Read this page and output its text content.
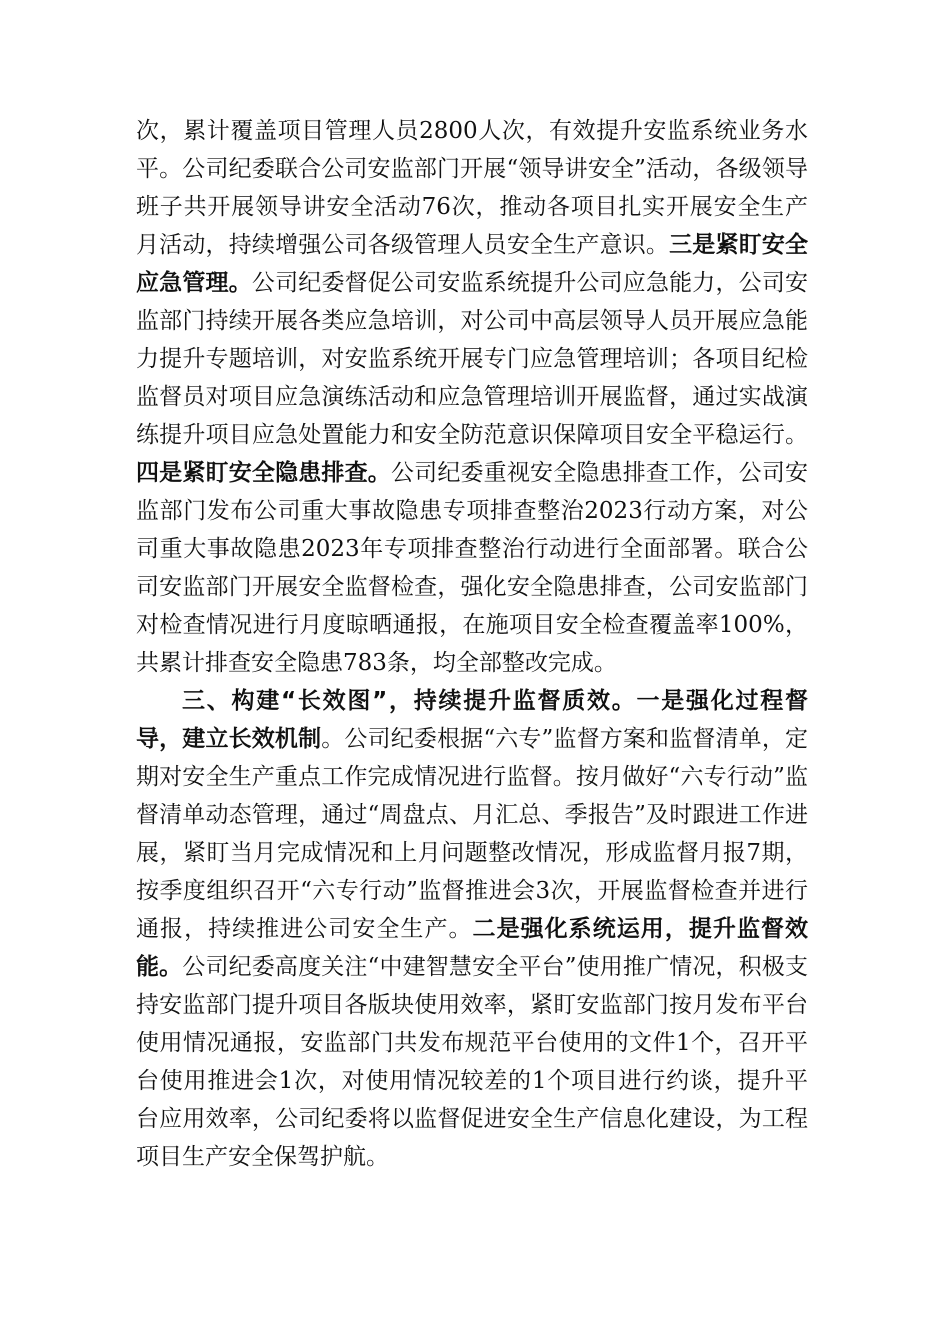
次，累计覆盖项目管理人员2800人次，有效提升安监系统业务水平。公司纪委联合公司安监部门开展“领导讲安全”活动，各级领导班子共开展领导讲安全活动76次，推动各项目扎实开展安全生产月活动，持续增强公司各级管理人员安全生产意识。三是紧盯安全应急管理。公司纪委督促公司安监系统提升公司应急能力，公司安监部门持续开展各类应急培训，对公司中高层领导人员开展应急能力提升专题培训，对安监系统开展专门应急管理培训；各项目纪检监督员对项目应急演练活动和应急管理培训开展监督，通过实战演练提升项目应急处置能力和安全防范意识保障项目安全平稳运行。四是紧盯安全隐患排查。公司纪委重视安全隐患排查工作，公司安监部门发布公司重大事故隐患专项排查整治2023行动方案，对公司重大事故隐患2023年专项排查整治行动进行全面部署。联合公司安监部门开展安全监督检查，强化安全隐患排查，公司安监部门对检查情况进行月度晾晒通报，在施项目安全检查覆盖率100%，共累计排查安全隐患783条，均全部整改完成。

三、构建“长效图”，持续提升监督质效。一是强化过程督导，建立长效机制。公司纪委根据“六专”监督方案和监督清单，定期对安全生产重点工作完成情况进行监督。按月做好“六专行动”监督清单动态管理，通过“周盘点、月汇总、季报告”及时跟进工作进展，紧盯当月完成情况和上月问题整改情况，形成监督月报7期，按季度组织召开“六专行动”监督推进会3次，开展监督检查并进行通报，持续推进公司安全生产。二是强化系统运用，提升监督效能。公司纪委高度关注“中建智慧安全平台”使用推广情况，积极支持安监部门提升项目各版块使用效率，紧盯安监部门按月发布平台使用情况通报，安监部门共发布规范平台使用的文件1个，召开平台使用推进会1次，对使用情况较差的1个项目进行约谈，提升平台应用效率，公司纪委将以监督促进安全生产信息化建设，为工程项目生产安全保驾护航。
